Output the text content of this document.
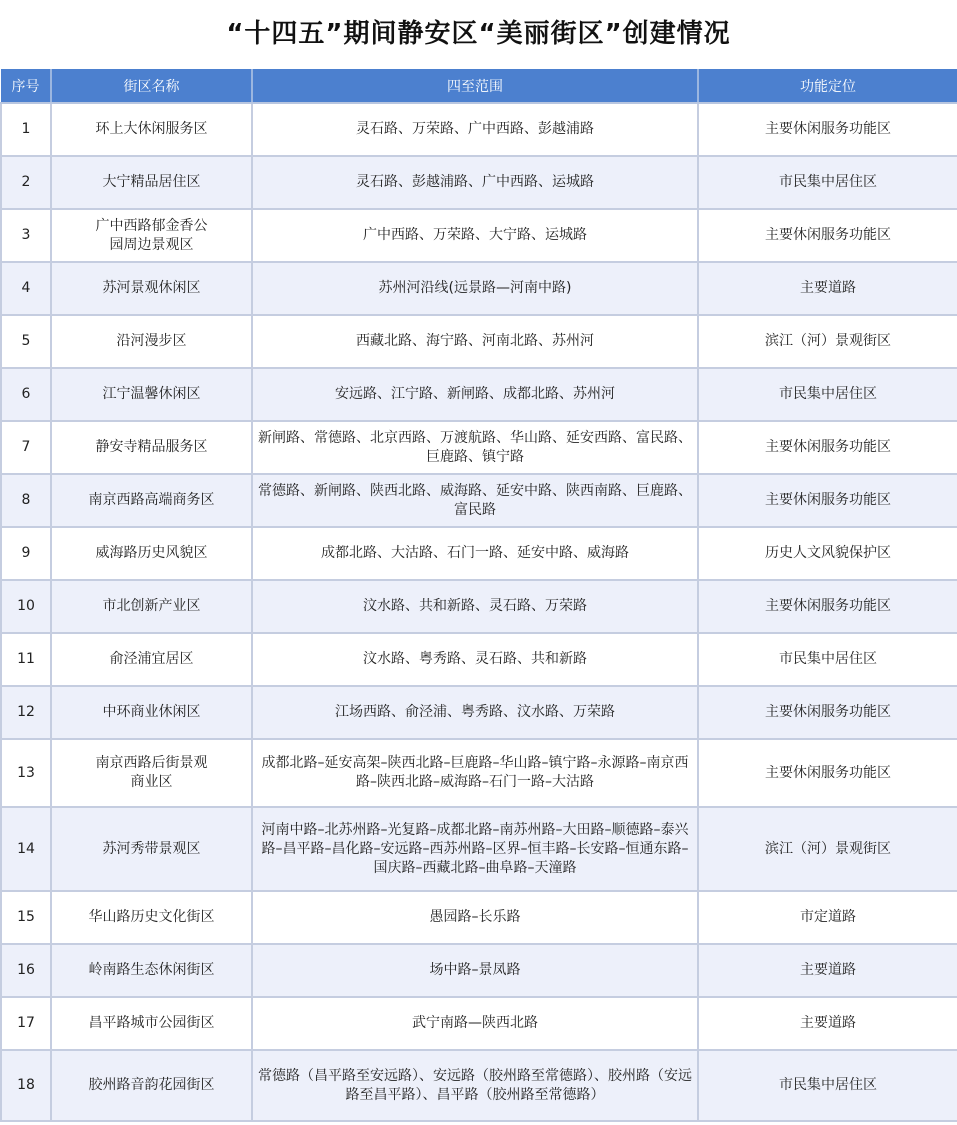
“十四五”期间静安区“美丽街区”创建情况
序号	街区名称	四至范围	功能定位
1	环上大休闲服务区	灵石路、万荣路、广中西路、彭越浦路	主要休闲服务功能区
2	大宁精品居住区	灵石路、彭越浦路、广中西路、运城路	市民集中居住区
3	广中西路郁金香公园周边景观区	广中西路、万荣路、大宁路、运城路	主要休闲服务功能区
4	苏河景观休闲区	苏州河沿线(远景路—河南中路)	主要道路
5	沿河漫步区	西藏北路、海宁路、河南北路、苏州河	滨江（河）景观街区
6	江宁温馨休闲区	安远路、江宁路、新闸路、成都北路、苏州河	市民集中居住区
7	静安寺精品服务区	新闸路、常德路、北京西路、万渡航路、华山路、延安西路、富民路、巨鹿路、镇宁路	主要休闲服务功能区
8	南京西路高端商务区	常德路、新闸路、陕西北路、威海路、延安中路、陕西南路、巨鹿路、富民路	主要休闲服务功能区
9	威海路历史风貌区	成都北路、大沽路、石门一路、延安中路、威海路	历史人文风貌保护区
10	市北创新产业区	汶水路、共和新路、灵石路、万荣路	主要休闲服务功能区
11	俞泾浦宜居区	汶水路、粤秀路、灵石路、共和新路	市民集中居住区
12	中环商业休闲区	江场西路、俞泾浦、粤秀路、汶水路、万荣路	主要休闲服务功能区
13	南京西路后街景观商业区	成都北路–延安高架–陕西北路–巨鹿路–华山路–镇宁路–永源路–南京西路–陕西北路–威海路–石门一路–大沽路	主要休闲服务功能区
14	苏河秀带景观区	河南中路–北苏州路–光复路–成都北路–南苏州路–大田路–顺德路–泰兴路–昌平路–昌化路–安远路–西苏州路–区界–恒丰路–长安路–恒通东路–国庆路–西藏北路–曲阜路–天潼路	滨江（河）景观街区
15	华山路历史文化街区	愚园路–长乐路	市定道路
16	岭南路生态休闲街区	场中路–景凤路	主要道路
17	昌平路城市公园街区	武宁南路—陕西北路	主要道路
18	胶州路音韵花园街区	常德路（昌平路至安远路）、安远路（胶州路至常德路）、胶州路（安远路至昌平路）、昌平路（胶州路至常德路）	市民集中居住区
